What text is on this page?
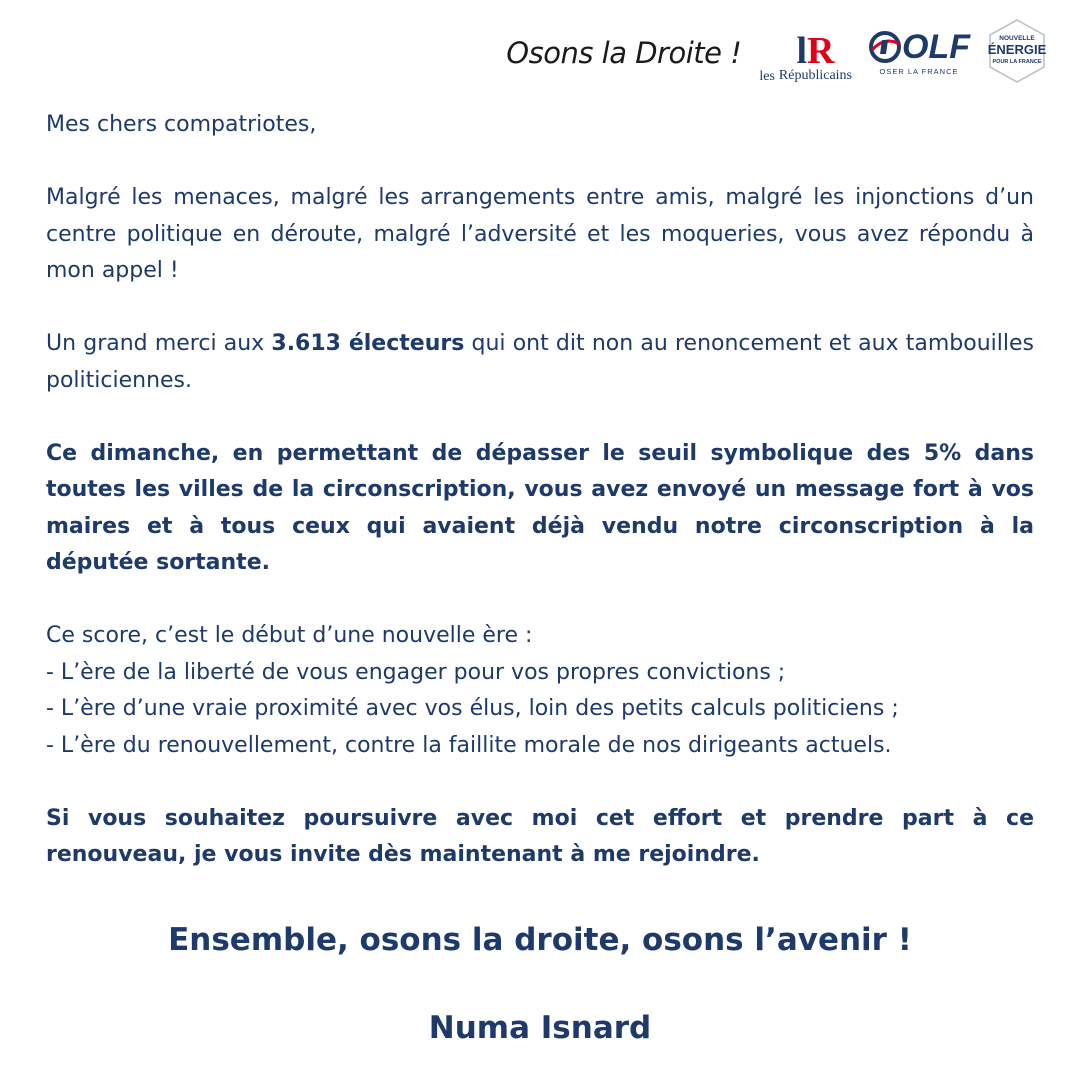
Osons la Droite !
les
lR
Républicains
OLF
OSER LA FRANCE
NOUVELLE
ÉNERGIE
POUR LA FRANCE

Mes chers compatriotes,

Malgré les menaces, malgré les arrangements entre amis, malgré les injonctions d’un centre politique en déroute, malgré l’adversité et les moqueries, vous avez répondu à mon appel !

Un grand merci aux 3.613 électeurs qui ont dit non au renoncement et aux tambouilles politiciennes.

Ce dimanche, en permettant de dépasser le seuil symbolique des 5% dans toutes les villes de la circonscription, vous avez envoyé un message fort à vos maires et à tous ceux qui avaient déjà vendu notre circonscription à la députée sortante.

Ce score, c’est le début d’une nouvelle ère :

- L’ère de la liberté de vous engager pour vos propres convictions ;

- L’ère d’une vraie proximité avec vos élus, loin des petits calculs politiciens ;

- L’ère du renouvellement, contre la faillite morale de nos dirigeants actuels.

Si vous souhaitez poursuivre avec moi cet effort et prendre part à ce renouveau, je vous invite dès maintenant à me rejoindre.

Ensemble, osons la droite, osons l’avenir !
Numa Isnard
